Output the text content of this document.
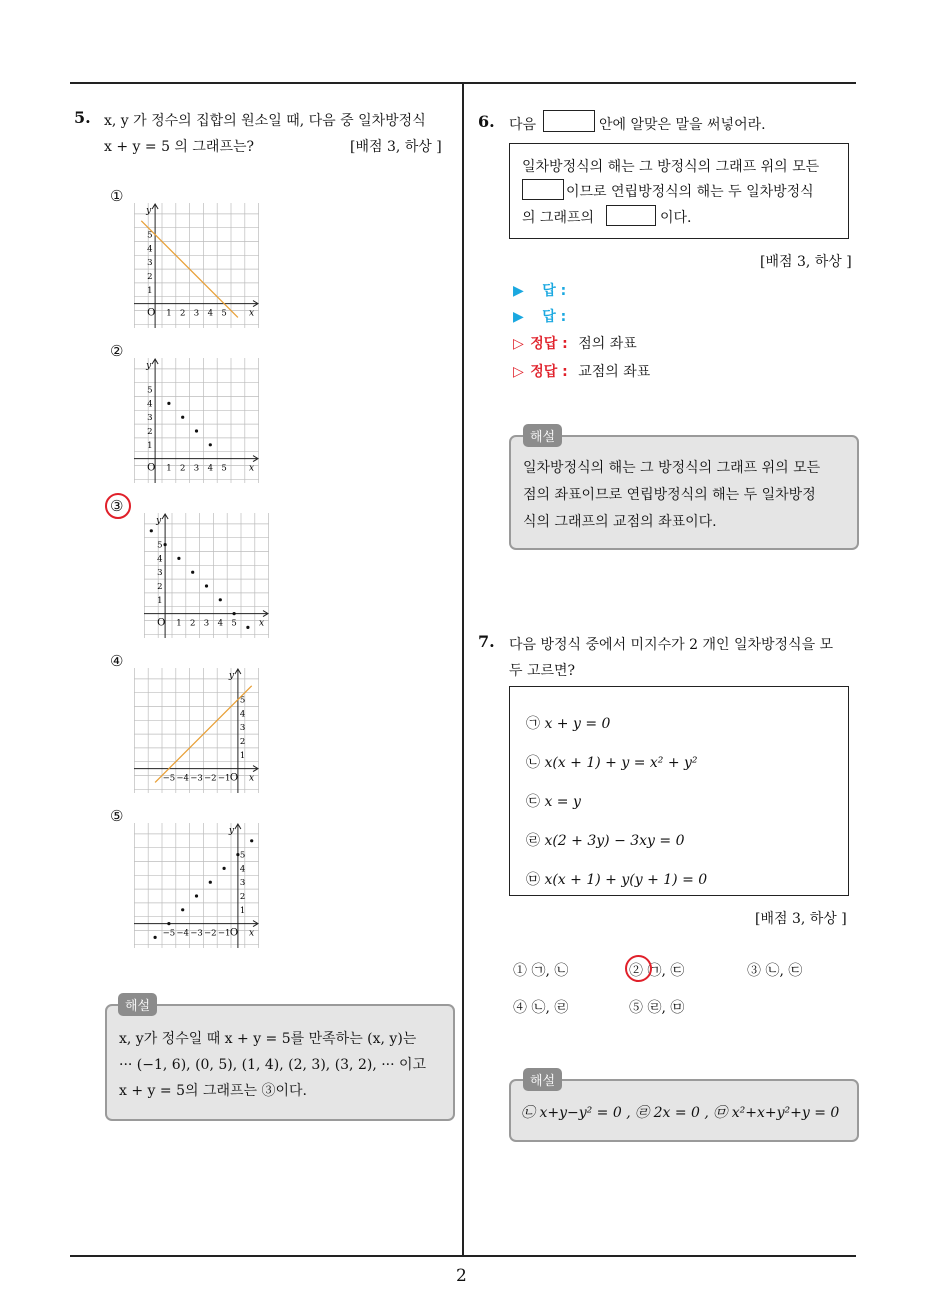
2
5. x, y 가 정수의 집합의 원소일 때, 다음 중 일차방정식
x + y = 5 의 그래프는?	[배점 3, 하상 ]
①
②
③
④
⑤
O	x
y
1 2 3 4 5
1
2
3
4
5
O	x
y
1 2 3 4 5
1
2
3
4
5
O	x
y
1 2 3 4 5
1
2
3
4
5
O x
y
−5 −4 −3 −2 −1
1
2
3
4
5
O x
y
−5 −4 −3 −2 −1
1
2
3
4
5
x, y가 정수일 때 x + y = 5를 만족하는 (x, y)는
··· (−1, 6), (0, 5), (1, 4), (2, 3), (3, 2), ··· 이고
x + y = 5의 그래프는 ③이다.
해설
6. 다음	안에 알맞은 말을 써넣어라.
일차방정식의 해는 그 방정식의 그래프 위의 모든
이므로 연립방정식의 해는 두 일차방정식
의 그래프의	이다.
[배점 3, 하상 ]
▶ 답 :
▶ 답 :
▷ 정답 : 점의 좌표
▷ 정답 : 교점의 좌표
일차방정식의 해는 그 방정식의 그래프 위의 모든
점의 좌표이므로 연립방정식의 해는 두 일차방정
식의 그래프의 교점의 좌표이다.
해설
7. 다음 방정식 중에서 미지수가 2 개인 일차방정식을 모
두 고르면?
㉠ x + y = 0
㉡ x(x + 1) + y = x² + y²
㉢ x = y
㉣ x(2 + 3y) − 3xy = 0
㉤ x(x + 1) + y(y + 1) = 0
[배점 3, 하상 ]
① ㉠, ㉡	② ㉠, ㉢	③ ㉡, ㉢
④ ㉡, ㉣	⑤ ㉣, ㉤
㉡ x+y−y² = 0 , ㉣ 2x = 0 , ㉤ x²+x+y²+y = 0
해설
